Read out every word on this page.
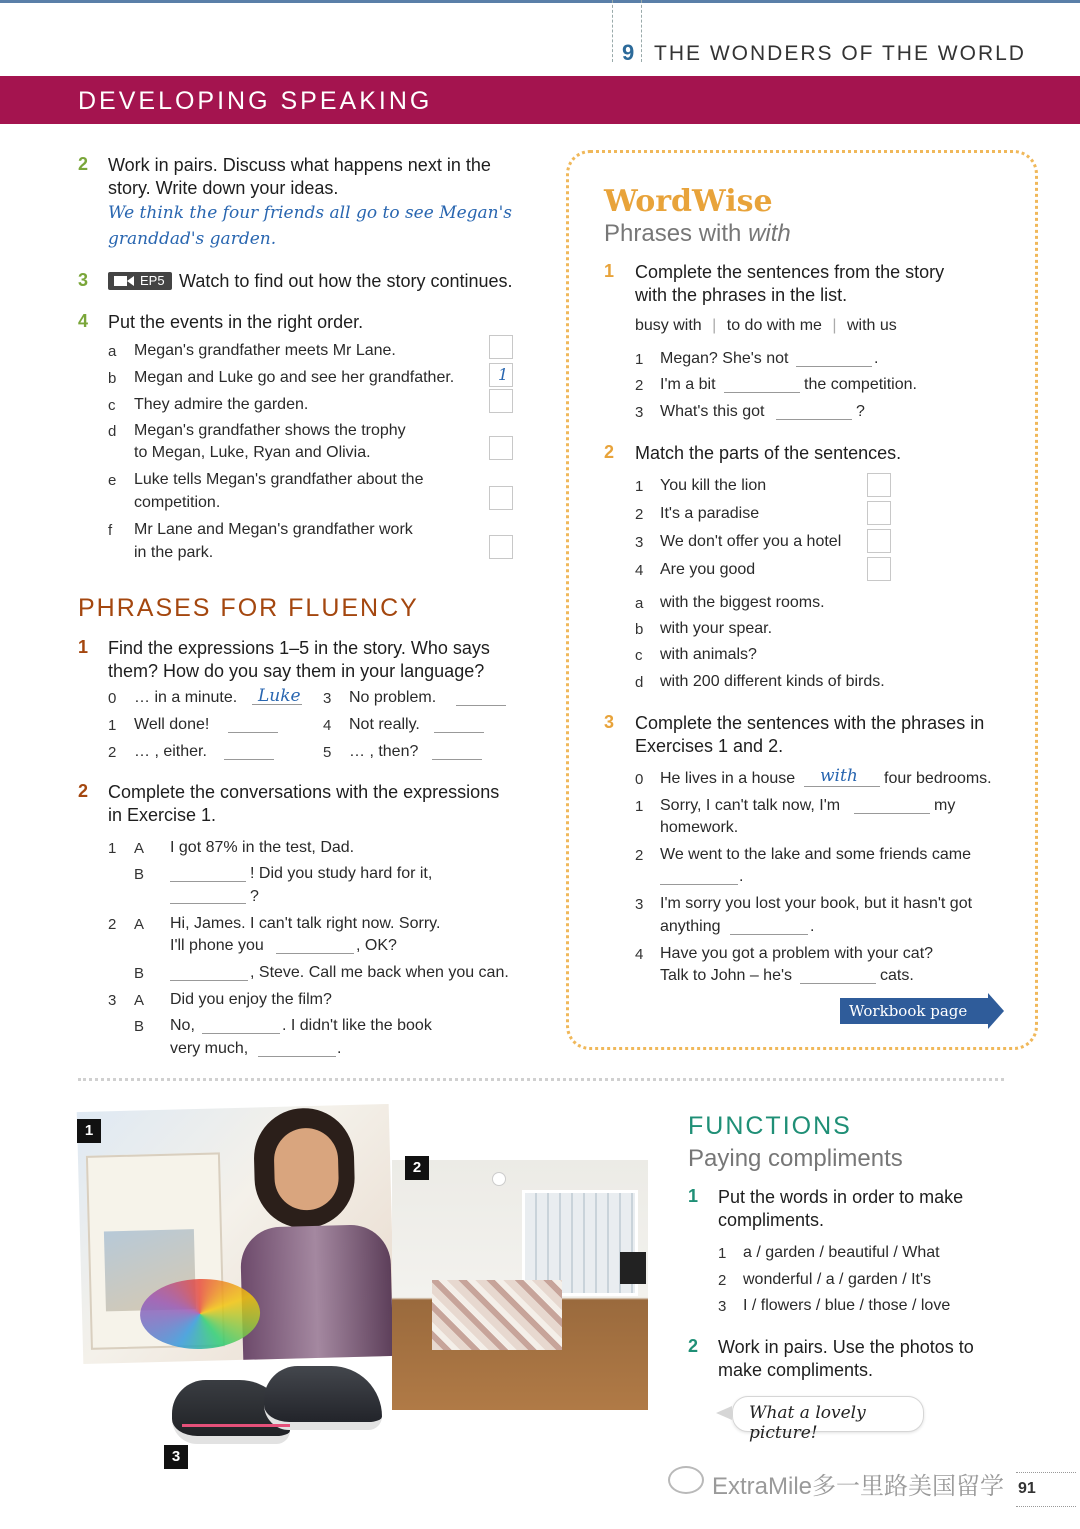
9 THE WONDERS OF THE WORLD
DEVELOPING SPEAKING
2 Work in pairs. Discuss what happens next in the
story. Write down your ideas.
We think the four friends all go to see Megan's
granddad's garden.
3	EP5 Watch to find out how the story continues.
4 Put the events in the right order.
a Megan's grandfather meets Mr Lane.
b Megan and Luke go and see her grandfather.	1
c They admire the garden.
d Megan's grandfather shows the trophy
to Megan, Luke, Ryan and Olivia.
e Luke tells Megan's grandfather about the
competition.
f Mr Lane and Megan's grandfather work
in the park.
PHRASES FOR FLUENCY
1 Find the expressions 1–5 in the story. Who says
them? How do you say them in your language?
0 … in a minute. Luke
1 Well done!
2 … , either.
3 No problem.
4 Not really.
5 … , then?
2 Complete the conversations with the expressions
in Exercise 1.
1 A I got 87% in the test, Dad.
B	! Did you study hard for it,
?
2 A Hi, James. I can't talk right now. Sorry.
I'll phone you	, OK?
B	, Steve. Call me back when you can.
3 A Did you enjoy the film?
B No,	. I didn't like the book
very much,	.
WordWise
Phrases with with
1 Complete the sentences from the story
with the phrases in the list.
busy with | to do with me | with us
1 Megan? She's not	.
2 I'm a bit	the competition.
3 What's this got	?
2 Match the parts of the sentences.
1 You kill the lion
2 It's a paradise
3 We don't offer you a hotel
4 Are you good
a with the biggest rooms.
b with your spear.
c with animals?
d with 200 different kinds of birds.
3 Complete the sentences with the phrases in
Exercises 1 and 2.
0 He lives in a house with four bedrooms.
1 Sorry, I can't talk now, I'm	my
homework.
2 We went to the lake and some friends came
.
3 I'm sorry you lost your book, but it hasn't got
anything	.
4 Have you got a problem with your cat?
Talk to John – he's	cats.
Workbook page 84
1
2
3
FUNCTIONS
Paying compliments
1 Put the words in order to make
compliments.
1 a / garden / beautiful / What
2 wonderful / a / garden / It's
3 I / flowers / blue / those / love
2 Work in pairs. Use the photos to
make compliments.
What a lovely picture!
ExtraMile多一里路美国留学 91
